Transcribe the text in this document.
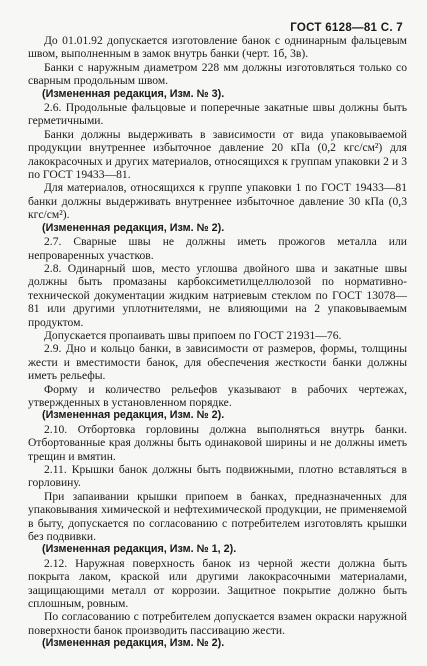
ГОСТ 6128—81 С. 7

До 01.01.92 допускается изготовление банок с однинарным фальцевым швом, выполненным в замок внутрь банки (черт. 1б, 3в).

Банки с наружным диаметром 228 мм должны изготовляться только со сварным продольным швом.

(Измененная редакция, Изм. № 3).

2.6. Продольные фальцовые и поперечные закатные швы должны быть герметичными.

Банки должны выдерживать в зависимости от вида упаковываемой продукции внутреннее избыточное давление 20 кПа (0,2 кгс/см²) для лакокрасочных и других материалов, относящихся к группам упаковки 2 и 3 по ГОСТ 19433—81.

Для материалов, относящихся к группе упаковки 1 по ГОСТ 19433—81 банки должны выдерживать внутреннее избыточное давление 30 кПа (0,3 кгс/см²).

(Измененная редакция, Изм. № 2).

2.7. Сварные швы не должны иметь прожогов металла или непроваренных участков.

2.8. Одинарный шов, место углошва двойного шва и закатные швы должны быть промазаны карбоксиметилцеллюлозой по нормативно-технической документации жидким натриевым стеклом по ГОСТ 13078—81 или другими уплотнителями, не влияющими на 2 упаковываемым продуктом.

Допускается пропаивать швы припоем по ГОСТ 21931—76.

2.9. Дно и кольцо банки, в зависимости от размеров, формы, толщины жести и вместимости банок, для обеспечения жесткости банки должны иметь рельефы.

Форму и количество рельефов указывают в рабочих чертежах, утвержденных в установленном порядке.

(Измененная редакция, Изм. № 2).

2.10. Отбортовка горловины должна выполняться внутрь банки. Отбортованные края должны быть одинаковой ширины и не должны иметь трещин и вмятин.

2.11. Крышки банок должны быть подвижными, плотно вставляться в горловину.

При запаивании крышки припоем в банках, предназначенных для упаковывания химической и нефтехимической продукции, не применяемой в быту, допускается по согласованию с потребителем изготовлять крышки без подвивки.

(Измененная редакция, Изм. № 1, 2).

2.12. Наружная поверхность банок из черной жести должна быть покрыта лаком, краской или другими лакокрасочными материалами, защищающими металл от коррозии. Защитное покрытие должно быть сплошным, ровным.

По согласованию с потребителем допускается взамен окраски наружной поверхности банок производить пассивацию жести.

(Измененная редакция, Изм. № 2).
